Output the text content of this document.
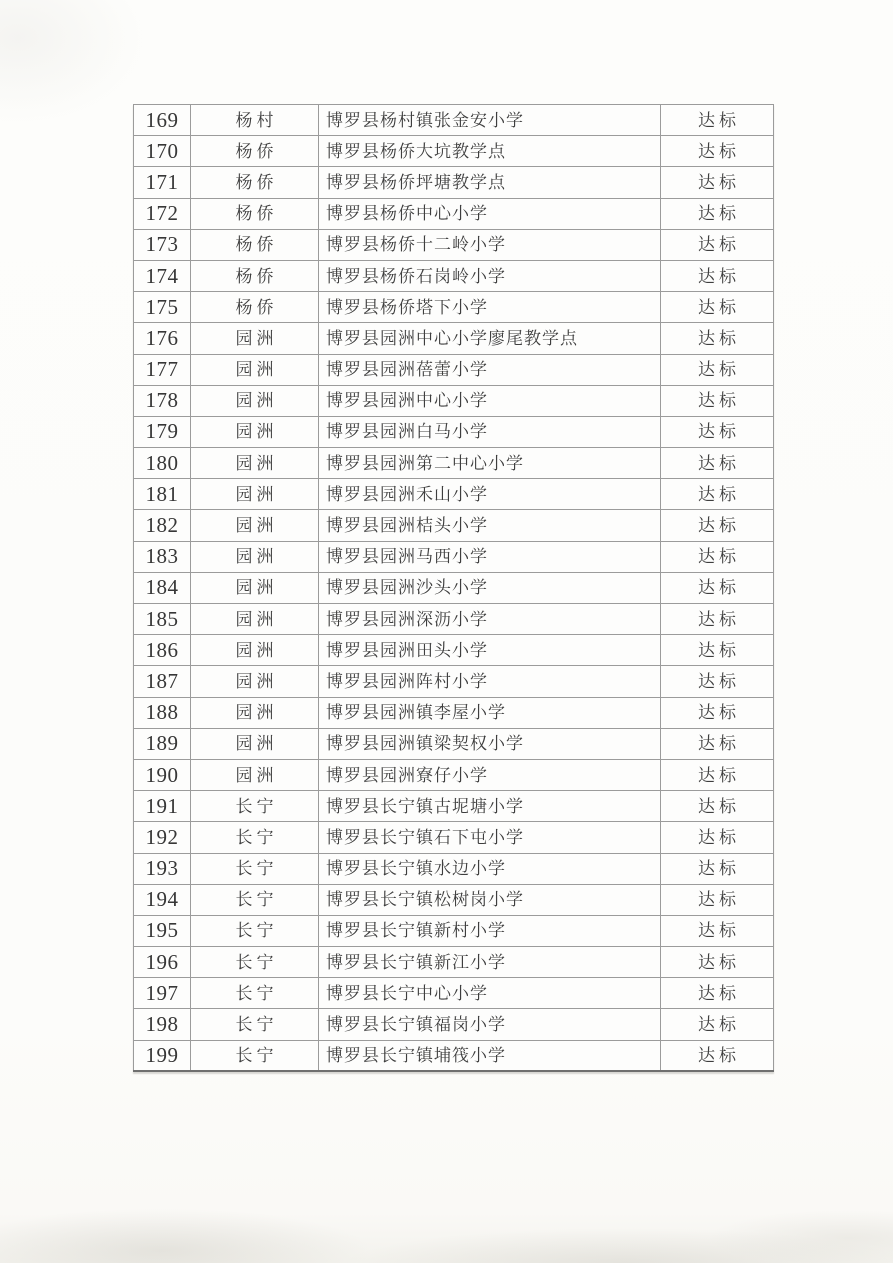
169	杨村	博罗县杨村镇张金安小学	达标
170	杨侨	博罗县杨侨大坑教学点	达标
171	杨侨	博罗县杨侨坪塘教学点	达标
172	杨侨	博罗县杨侨中心小学	达标
173	杨侨	博罗县杨侨十二岭小学	达标
174	杨侨	博罗县杨侨石岗岭小学	达标
175	杨侨	博罗县杨侨塔下小学	达标
176	园洲	博罗县园洲中心小学廖尾教学点	达标
177	园洲	博罗县园洲蓓蕾小学	达标
178	园洲	博罗县园洲中心小学	达标
179	园洲	博罗县园洲白马小学	达标
180	园洲	博罗县园洲第二中心小学	达标
181	园洲	博罗县园洲禾山小学	达标
182	园洲	博罗县园洲桔头小学	达标
183	园洲	博罗县园洲马西小学	达标
184	园洲	博罗县园洲沙头小学	达标
185	园洲	博罗县园洲深沥小学	达标
186	园洲	博罗县园洲田头小学	达标
187	园洲	博罗县园洲阵村小学	达标
188	园洲	博罗县园洲镇李屋小学	达标
189	园洲	博罗县园洲镇梁契权小学	达标
190	园洲	博罗县园洲寮仔小学	达标
191	长宁	博罗县长宁镇古坭塘小学	达标
192	长宁	博罗县长宁镇石下屯小学	达标
193	长宁	博罗县长宁镇水边小学	达标
194	长宁	博罗县长宁镇松树岗小学	达标
195	长宁	博罗县长宁镇新村小学	达标
196	长宁	博罗县长宁镇新江小学	达标
197	长宁	博罗县长宁中心小学	达标
198	长宁	博罗县长宁镇福岗小学	达标
199	长宁	博罗县长宁镇埔筏小学	达标
